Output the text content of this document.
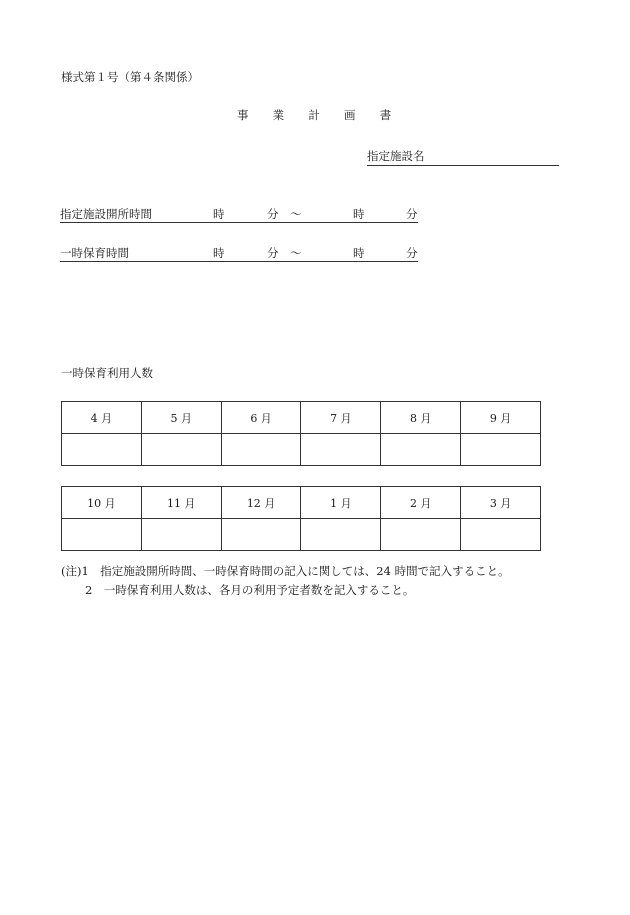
様式第１号（第４条関係）
事 業 計 画 書
指定施設名
指定施設開所時間	時	分 〜	時	分
一時保育時間	時	分 〜	時	分
一時保育利用人数
4 月	5 月	6 月	7 月	8 月	9 月

10 月	11 月	12 月	1 月	2 月	3 月

(注)1　指定施設開所時間、一時保育時間の記入に関しては、24 時間で記入すること。
2　一時保育利用人数は、各月の利用予定者数を記入すること。
